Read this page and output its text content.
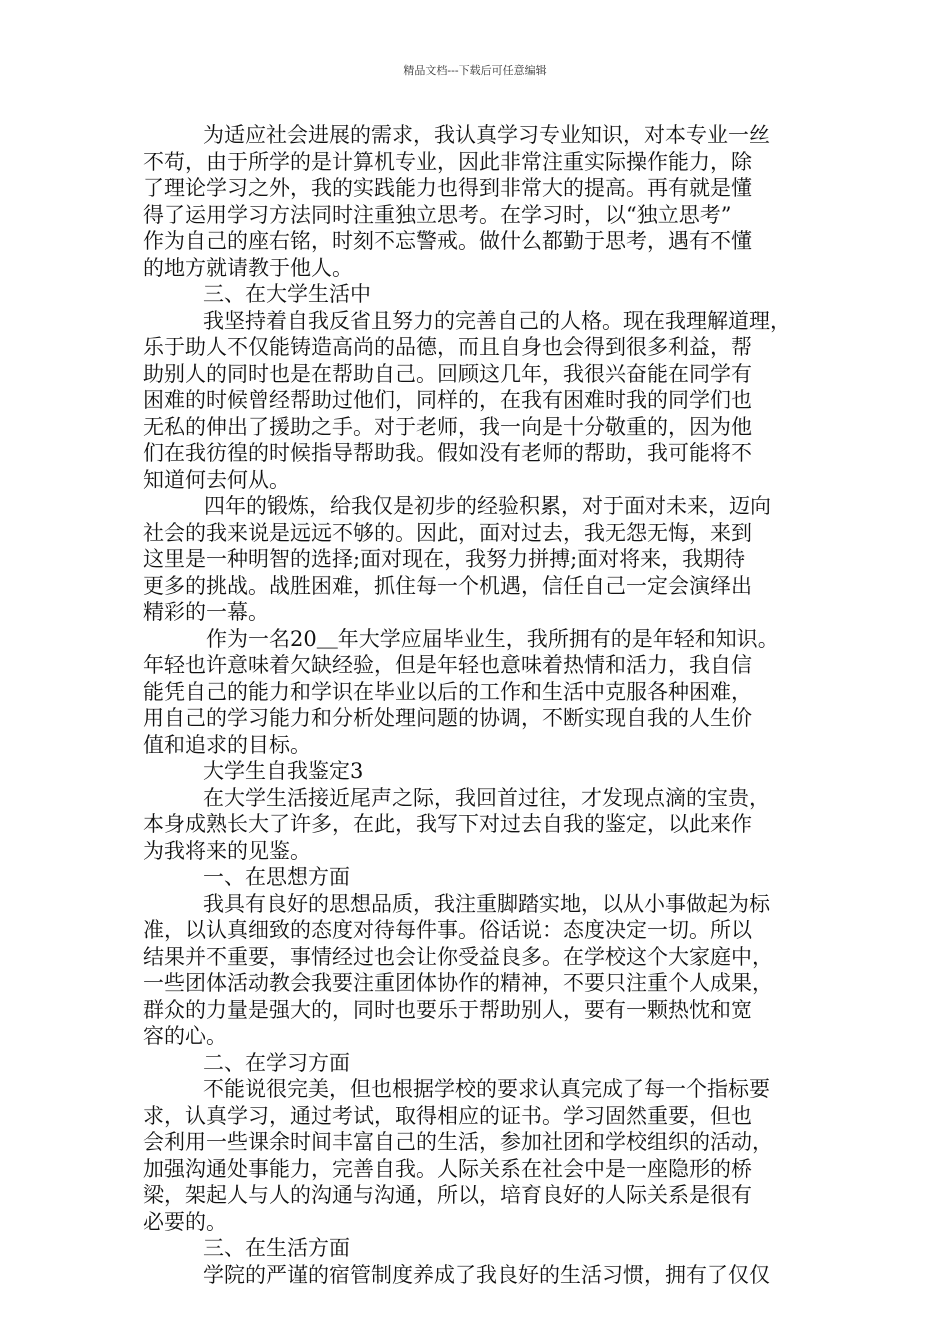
精品文档---下载后可任意编辑
为适应社会进展的需求，我认真学习专业知识，对本专业一丝
不苟，由于所学的是计算机专业，因此非常注重实际操作能力，除
了理论学习之外，我的实践能力也得到非常大的提高。再有就是懂
得了运用学习方法同时注重独立思考。在学习时，以“独立思考”
作为自己的座右铭，时刻不忘警戒。做什么都勤于思考，遇有不懂
的地方就请教于他人。
三、在大学生活中
我坚持着自我反省且努力的完善自己的人格。现在我理解道理，
乐于助人不仅能铸造高尚的品德，而且自身也会得到很多利益，帮
助别人的同时也是在帮助自己。回顾这几年，我很兴奋能在同学有
困难的时候曾经帮助过他们，同样的，在我有困难时我的同学们也
无私的伸出了援助之手。对于老师，我一向是十分敬重的，因为他
们在我彷徨的时候指导帮助我。假如没有老师的帮助，我可能将不
知道何去何从。
四年的锻炼，给我仅是初步的经验积累，对于面对未来，迈向
社会的我来说是远远不够的。因此，面对过去，我无怨无悔，来到
这里是一种明智的选择;面对现在，我努力拼搏;面对将来，我期待
更多的挑战。战胜困难，抓住每一个机遇，信任自己一定会演绎出
精彩的一幕。
作为一名20＿年大学应届毕业生，我所拥有的是年轻和知识。
年轻也许意味着欠缺经验，但是年轻也意味着热情和活力，我自信
能凭自己的能力和学识在毕业以后的工作和生活中克服各种困难，
用自己的学习能力和分析处理问题的协调，不断实现自我的人生价
值和追求的目标。
大学生自我鉴定3
在大学生活接近尾声之际，我回首过往，才发现点滴的宝贵，
本身成熟长大了许多，在此，我写下对过去自我的鉴定，以此来作
为我将来的见鉴。
一、在思想方面
我具有良好的思想品质，我注重脚踏实地，以从小事做起为标
准，以认真细致的态度对待每件事。俗话说：态度决定一切。所以
结果并不重要，事情经过也会让你受益良多。在学校这个大家庭中，
一些团体活动教会我要注重团体协作的精神，不要只注重个人成果，
群众的力量是强大的，同时也要乐于帮助别人，要有一颗热忱和宽
容的心。
二、在学习方面
不能说很完美，但也根据学校的要求认真完成了每一个指标要
求，认真学习，通过考试，取得相应的证书。学习固然重要，但也
会利用一些课余时间丰富自己的生活，参加社团和学校组织的活动，
加强沟通处事能力，完善自我。人际关系在社会中是一座隐形的桥
梁，架起人与人的沟通与沟通，所以，培育良好的人际关系是很有
必要的。
三、在生活方面
学院的严谨的宿管制度养成了我良好的生活习惯，拥有了仅仅
